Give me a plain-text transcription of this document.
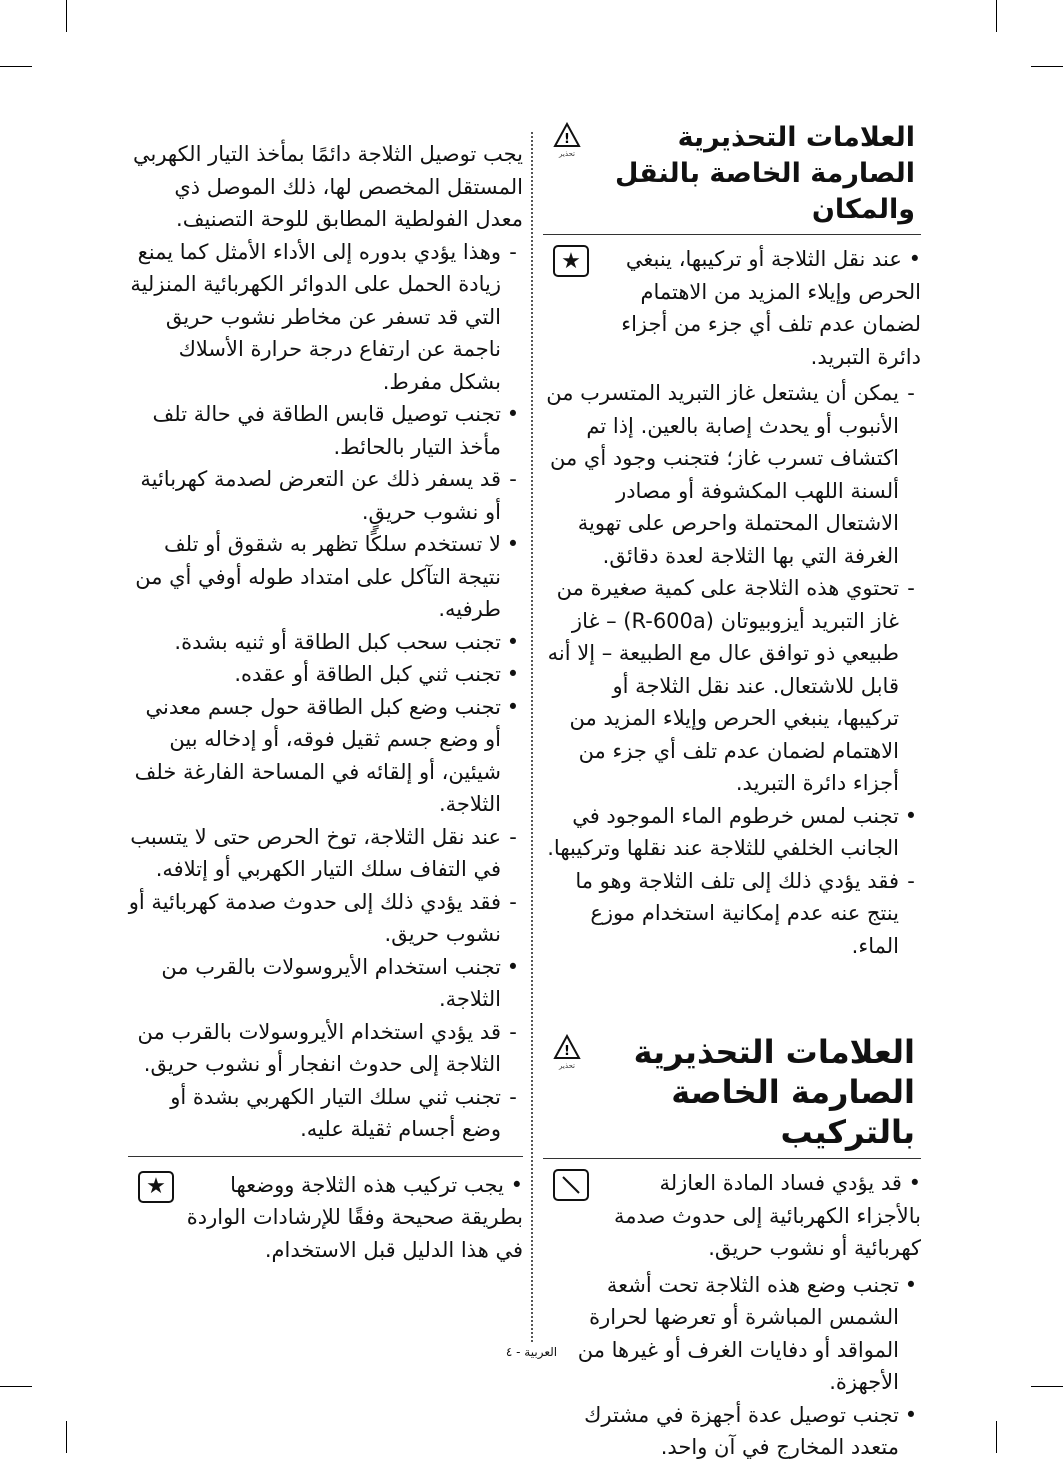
العلامات التحذيرية الصارمة الخاصة بالنقل والمكان
!
تحذير
• عند نقل الثلاجة أو تركيبها، ينبغي الحرص وإيلاء المزيد من الاهتمام لضمان عدم تلف أي جزء من أجزاء دائرة التبريد.
★

-
يمكن أن يشتعل غاز التبريد المتسرب من الأنبوب أو يحدث إصابة بالعين. إذا تم اكتشاف تسرب غاز؛ فتجنب وجود أي من ألسنة اللهب المكشوفة أو مصادر الاشتعال المحتملة واحرص على تهوية الغرفة التي بها الثلاجة لعدة دقائق.

-
تحتوي هذه الثلاجة على كمية صغيرة من غاز التبريد أيزوبيوتان (R-600a) – غاز طبيعي ذو توافق عال مع الطبيعة – إلا أنه قابل للاشتعال. عند نقل الثلاجة أو تركيبها، ينبغي الحرص وإيلاء المزيد من الاهتمام لضمان عدم تلف أي جزء من أجزاء دائرة التبريد.

•
تجنب لمس خرطوم الماء الموجود في الجانب الخلفي للثلاجة عند نقلها وتركيبها.

-
فقد يؤدي ذلك إلى تلف الثلاجة وهو ما ينتج عنه عدم إمكانية استخدام موزع الماء.

العلامات التحذيرية الصارمة الخاصة بالتركيب
!
تحذير
• قد يؤدي فساد المادة العازلة بالأجزاء الكهربائية إلى حدوث صدمة كهربائية أو نشوب حريق.

•
تجنب وضع هذه الثلاجة تحت أشعة الشمس المباشرة أو تعرضها لحرارة المواقد أو دفايات الغرف أو غيرها من الأجهزة.

•
تجنب توصيل عدة أجهزة في مشترك متعدد المخارج في آن واحد.

يجب توصيل الثلاجة دائمًا بمأخذ التيار الكهربي المستقل المخصص لها، ذلك الموصل ذي معدل الفولطية المطابق للوحة التصنيف.

-
وهذا يؤدي بدوره إلى الأداء الأمثل كما يمنع زيادة الحمل على الدوائر الكهربائية المنزلية التي قد تسفر عن مخاطر نشوب حريق ناجمة عن ارتفاع درجة حرارة الأسلاك بشكل مفرط.

•
تجنب توصيل قابس الطاقة في حالة تلف مأخذ التيار بالحائط.

-
قد يسفر ذلك عن التعرض لصدمة كهربائية أو نشوب حريقٍ.

•
لا تستخدم سلكًا تظهر به شقوق أو تلف نتيجة التآكل على امتداد طوله أوفي أي من طرفيه.

•
تجنب سحب كبل الطاقة أو ثنيه بشدة.

•
تجنب ثني كبل الطاقة أو عقده.

•
تجنب وضع كبل الطاقة حول جسم معدني أو وضع جسم ثقيل فوقه، أو إدخاله بين شيئين، أو إلقائه في المساحة الفارغة خلف الثلاجة.

-
عند نقل الثلاجة، توخ الحرص حتى لا يتسبب في التفاف سلك التيار الكهربي أو إتلافه.

-
فقد يؤدي ذلك إلى حدوث صدمة كهربائية أو نشوب حريق.

•
تجنب استخدام الأيروسولات بالقرب من الثلاجة.

-
قد يؤدي استخدام الأيروسولات بالقرب من الثلاجة إلى حدوث انفجار أو نشوب حريق.

-
تجنب ثني سلك التيار الكهربي بشدة أو وضع أجسام ثقيلة عليه.

• يجب تركيب هذه الثلاجة ووضعها بطريقة صحيحة وفقًا للإرشادات الواردة في هذا الدليل قبل الاستخدام.
★
العربية - ٤
